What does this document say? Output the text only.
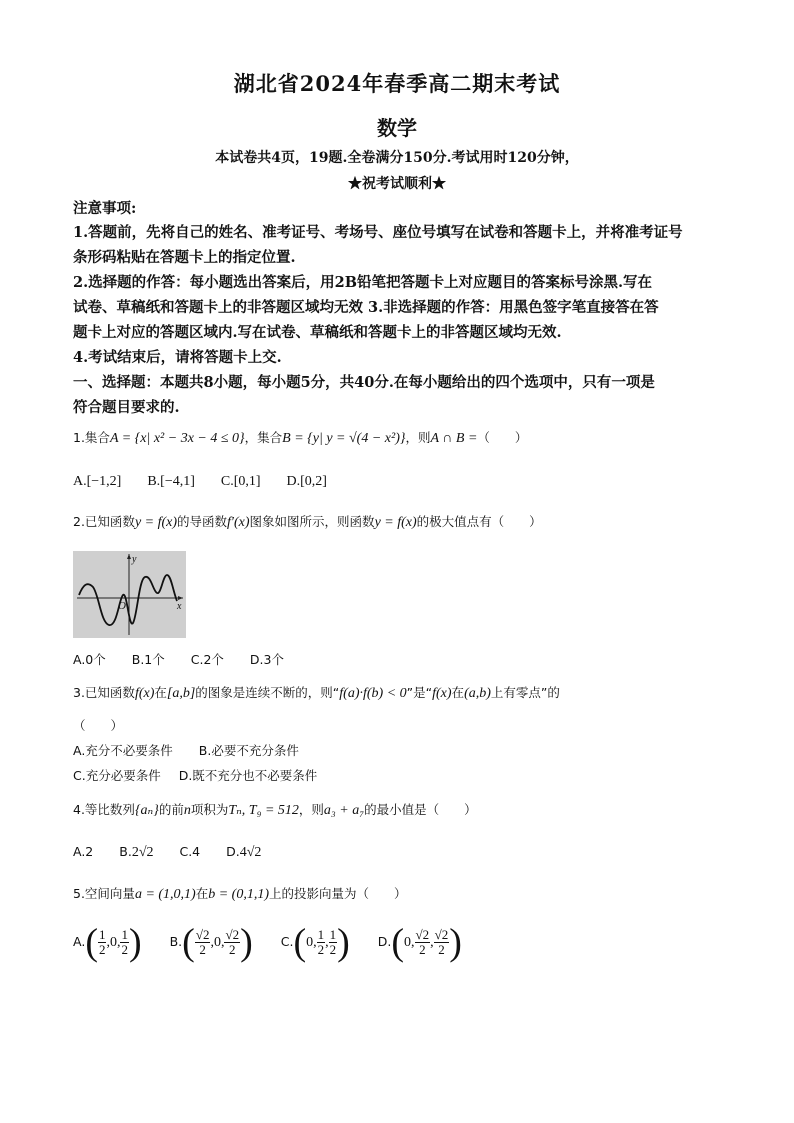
湖北省2024年春季高二期末考试
数学
本试卷共4页，19题.全卷满分150分.考试用时120分钟，
★祝考试顺利★
注意事项:
1.答题前，先将自己的姓名、准考证号、考场号、座位号填写在试卷和答题卡上，并将准考证号
条形码粘贴在答题卡上的指定位置.
2.选择题的作答：每小题选出答案后，用2B铅笔把答题卡上对应题目的答案标号涂黑.写在
试卷、草稿纸和答题卡上的非答题区域均无效 3.非选择题的作答：用黑色签字笔直接答在答
题卡上对应的答题区域内.写在试卷、草稿纸和答题卡上的非答题区域均无效.
4.考试结束后，请将答题卡上交.
一、选择题：本题共8小题，每小题5分，共40分.在每小题给出的四个选项中，只有一项是
符合题目要求的.
1.集合A = {x| x² − 3x − 4 ≤ 0}，集合B = {y| y = √(4 − x²)}，则A ∩ B =（　　）
A.[−1,2] B.[−4,1] C.[0,1] D.[0,2]
2.已知函数y = f(x)的导函数f′(x)图象如图所示，则函数y = f(x)的极大值点有（　　）
y
x
O
A.0个 B.1个 C.2个 D.3个
3.已知函数f(x)在[a,b]的图象是连续不断的，则“f(a)·f(b) < 0”是“f(x)在(a,b)上有零点”的
（　　）
A.充分不必要条件 B.必要不充分条件
C.充分必要条件 D.既不充分也不必要条件
4.等比数列{aₙ}的前n项积为Tₙ, T₉ = 512，则a₃ + a₇的最小值是（　　）
A.2 B.2√2 C.4 D.4√2
5.空间向量a = (1,0,1)在b = (0,1,1)上的投影向量为（　　）
$A.( \frac{1}{2} ,0$, $\frac{1}{2}$ ) $B.( \frac{√2}{2} ,0$, $\frac{√2}{2}$ ) C.(0, $\frac{1}{2}$ , $\frac{1}{2}$ ) D.(0, $\frac{√2}{2}$ , $\frac{√2}{2}$ )
